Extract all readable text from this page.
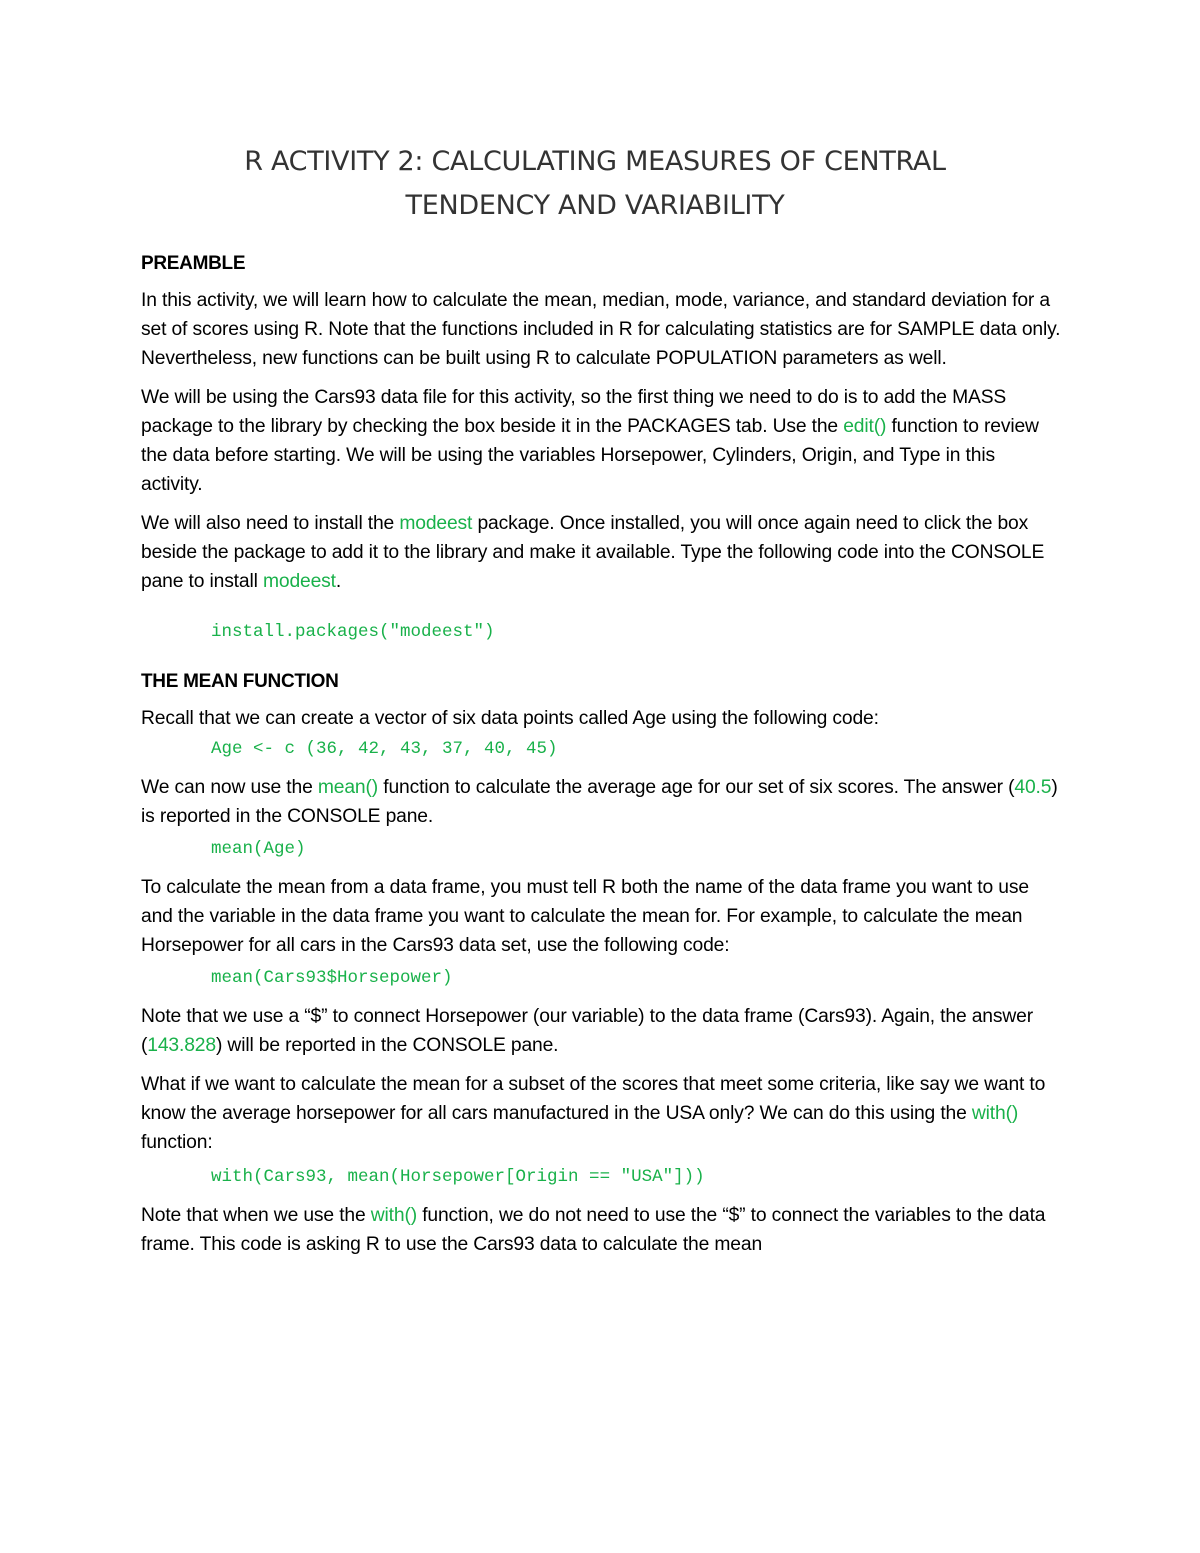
R ACTIVITY 2: CALCULATING MEASURES OF CENTRAL
TENDENCY AND VARIABILITY
PREAMBLE

In this activity, we will learn how to calculate the mean, median, mode, variance, and standard deviation for a set of scores using R. Note that the functions included in R for calculating statistics are for SAMPLE data only. Nevertheless, new functions can be built using R to calculate POPULATION parameters as well.

We will be using the Cars93 data file for this activity, so the first thing we need to do is to add the MASS package to the library by checking the box beside it in the PACKAGES tab. Use the edit() function to review the data before starting. We will be using the variables Horsepower, Cylinders, Origin, and Type in this activity.

We will also need to install the modeest package. Once installed, you will once again need to click the box beside the package to add it to the library and make it available. Type the following code into the CONSOLE pane to install modeest.

install.packages("modeest")
THE MEAN FUNCTION

Recall that we can create a vector of six data points called Age using the following code:

Age <- c (36, 42, 43, 37, 40, 45)

We can now use the mean() function to calculate the average age for our set of six scores. The answer (40.5) is reported in the CONSOLE pane.

mean(Age)

To calculate the mean from a data frame, you must tell R both the name of the data frame you want to use and the variable in the data frame you want to calculate the mean for. For example, to calculate the mean Horsepower for all cars in the Cars93 data set, use the following code:

mean(Cars93$Horsepower)

Note that we use a “$” to connect Horsepower (our variable) to the data frame (Cars93). Again, the answer (143.828) will be reported in the CONSOLE pane.

What if we want to calculate the mean for a subset of the scores that meet some criteria, like say we want to know the average horsepower for all cars manufactured in the USA only? We can do this using the with() function:

with(Cars93, mean(Horsepower[Origin == "USA"]))

Note that when we use the with() function, we do not need to use the “$” to connect the variables to the data frame. This code is asking R to use the Cars93 data to calculate the mean
